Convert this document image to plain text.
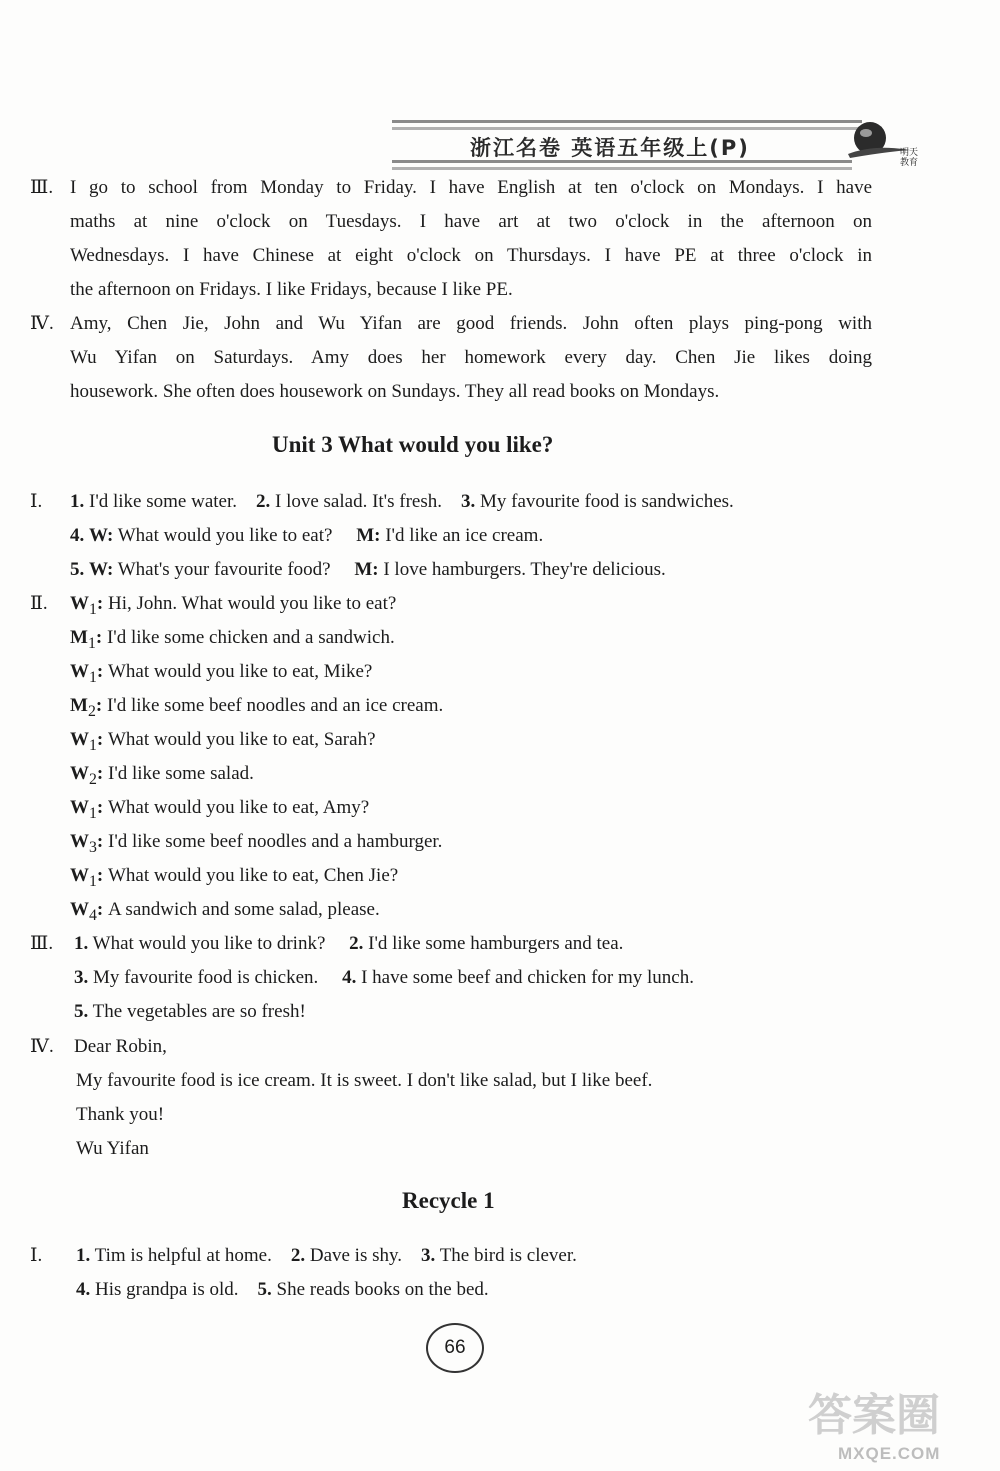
浙江名卷 英语五年级上(P)	明天教育
Ⅲ. I go to school from Monday to Friday. I have English at ten o'clock on Mondays. I have
maths at nine o'clock on Tuesdays. I have art at two o'clock in the afternoon on
Wednesdays. I have Chinese at eight o'clock on Thursdays. I have PE at three o'clock in
the afternoon on Fridays. I like Fridays, because I like PE.
Ⅳ. Amy, Chen Jie, John and Wu Yifan are good friends. John often plays ping-pong with
Wu Yifan on Saturdays. Amy does her homework every day. Chen Jie likes doing
housework. She often does housework on Sundays. They all read books on Mondays.
Unit 3 What would you like?
Ⅰ. 1. I'd like some water. 2. I love salad. It's fresh. 3. My favourite food is sandwiches.
4. W: What would you like to eat? M: I'd like an ice cream.
5. W: What's your favourite food? M: I love hamburgers. They're delicious.
Ⅱ. $W_1$: Hi, John. What would you like to eat?
$M_1$: I'd like some chicken and a sandwich.
$W_1$: What would you like to eat, Mike?
$M_2$: I'd like some beef noodles and an ice cream.
$W_1$: What would you like to eat, Sarah?
$W_2$: I'd like some salad.
$W_1$: What would you like to eat, Amy?
$W_3$: I'd like some beef noodles and a hamburger.
$W_1$: What would you like to eat, Chen Jie?
$W_4$: A sandwich and some salad, please.
Ⅲ. 1. What would you like to drink? 2. I'd like some hamburgers and tea.
3. My favourite food is chicken. 4. I have some beef and chicken for my lunch.
5. The vegetables are so fresh!
Ⅳ. Dear Robin,
My favourite food is ice cream. It is sweet. I don't like salad, but I like beef.
Thank you!
Wu Yifan
Recycle 1
Ⅰ. 1. Tim is helpful at home. 2. Dave is shy. 3. The bird is clever.
4. His grandpa is old. 5. She reads books on the bed.
66
答案圈
MXQE.COM
